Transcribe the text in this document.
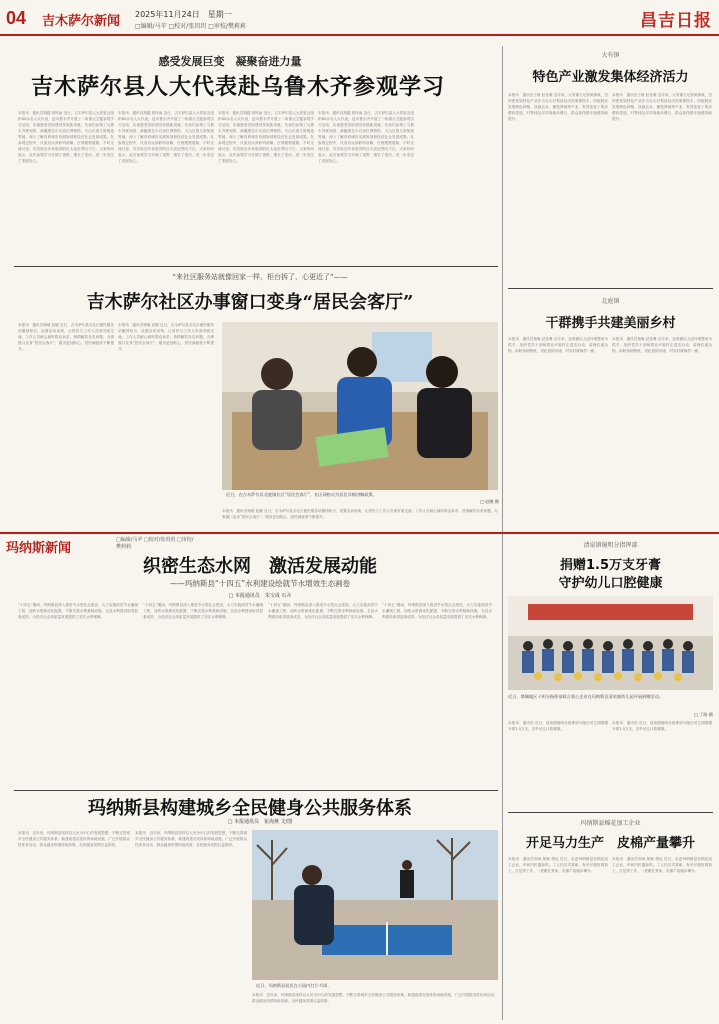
04 吉木萨尔新闻 2025年11月24日　星期一
□编辑/马苹 □校对/张玥玥 □审校/樊莉莉	昌吉日报
感受发展巨变　凝聚奋进力量
吉木萨尔县人大代表赴乌鲁木齐参观学习
本报讯　通讯员胡越 蒋风雨 近日，吉木萨尔县人大常委会组织40余名人大代表，赴乌鲁木齐开展了一场重点主题参观学习活动，实地感受首府建设发展新成就。代表们参观了乌鲁木齐规划馆、新疆维吾尔自治区博物馆、天山区燕儿窝街道等地，深入了解首府城市发展规划和经济社会发展成果。在参观过程中，代表们认真聆听讲解，仔细观察展陈，不时交流讨论，对首府近年来取得的巨大变化赞叹不已。大家纷纷表示，此次参观学习开阔了视野，增长了见识，进一步坚定了发展信心。
本报讯　通讯员胡越 蒋风雨 近日，吉木萨尔县人大常委会组织40余名人大代表，赴乌鲁木齐开展了一场重点主题参观学习活动，实地感受首府建设发展新成就。代表们参观了乌鲁木齐规划馆、新疆维吾尔自治区博物馆、天山区燕儿窝街道等地，深入了解首府城市发展规划和经济社会发展成果。在参观过程中，代表们认真聆听讲解，仔细观察展陈，不时交流讨论，对首府近年来取得的巨大变化赞叹不已。大家纷纷表示，此次参观学习开阔了视野，增长了见识，进一步坚定了发展信心。
本报讯　通讯员胡越 蒋风雨 近日，吉木萨尔县人大常委会组织40余名人大代表，赴乌鲁木齐开展了一场重点主题参观学习活动，实地感受首府建设发展新成就。代表们参观了乌鲁木齐规划馆、新疆维吾尔自治区博物馆、天山区燕儿窝街道等地，深入了解首府城市发展规划和经济社会发展成果。在参观过程中，代表们认真聆听讲解，仔细观察展陈，不时交流讨论，对首府近年来取得的巨大变化赞叹不已。大家纷纷表示，此次参观学习开阔了视野，增长了见识，进一步坚定了发展信心。
本报讯　通讯员胡越 蒋风雨 近日，吉木萨尔县人大常委会组织40余名人大代表，赴乌鲁木齐开展了一场重点主题参观学习活动，实地感受首府建设发展新成就。代表们参观了乌鲁木齐规划馆、新疆维吾尔自治区博物馆、天山区燕儿窝街道等地，深入了解首府城市发展规划和经济社会发展成果。在参观过程中，代表们认真聆听讲解，仔细观察展陈，不时交流讨论，对首府近年来取得的巨大变化赞叹不已。大家纷纷表示，此次参观学习开阔了视野，增长了见识，进一步坚定了发展信心。
大有镇
特色产业激发集体经济活力
本报讯　通讯员王敏 赵佳琳 近年来，大有镇立足资源禀赋，坚持把发展特色产业作为壮大村集体经济的重要抓手，因地制宜发展特色种植、设施农业、畜牧养殖等产业，有效拓宽了集体增收渠道，村集体经济实现稳步增长，群众获得感幸福感持续提升。
本报讯　通讯员王敏 赵佳琳 近年来，大有镇立足资源禀赋，坚持把发展特色产业作为壮大村集体经济的重要抓手，因地制宜发展特色种植、设施农业、畜牧养殖等产业，有效拓宽了集体增收渠道，村集体经济实现稳步增长，群众获得感幸福感持续提升。
“来社区服务站就像回家一样，柜台拆了，心更近了”——
吉木萨尔社区办事窗口变身“居民会客厅”
本报讯　通讯员杨敏 赵娜 近日，吉木萨尔县各社区便民服务站撤掉柜台，设置洽谈桌椅，让居民与工作人员面对面交流。工作人员耐心倾听群众诉求，热情解答各类问题，办事窗口变身“居民会客厅”，服务更加贴心，居民满意度不断提升。
本报讯　通讯员杨敏 赵娜 近日，吉木萨尔县各社区便民服务站撤掉柜台，设置洽谈桌椅，让居民与工作人员面对面交流。工作人员耐心倾听群众诉求，热情解答各类问题，办事窗口变身“居民会客厅”，服务更加贴心，居民满意度不断提升。
近日，在吉木萨尔县北庭镇社区“居民会客厅”，社区网格员为居民详细讲解政策。
□ 赵娜 摄
本报讯　通讯员杨敏 赵娜 近日，吉木萨尔县各社区便民服务站撤掉柜台，设置洽谈桌椅，让居民与工作人员面对面交流。工作人员耐心倾听群众诉求，热情解答各类问题，办事窗口变身“居民会客厅”，服务更加贴心，居民满意度不断提升。
北庭镇
干群携手共建美丽乡村
本报讯　通讯员杨敏 赵佳琳 近年来，北庭镇以人居环境整治为抓手，组织党员干部和群众开展村庄清洁行动，清理垃圾杂物，拆除残垣断壁，美化庭院环境，村容村貌焕然一新。
本报讯　通讯员杨敏 赵佳琳 近年来，北庭镇以人居环境整治为抓手，组织党员干部和群众开展村庄清洁行动，清理垃圾杂物，拆除残垣断壁，美化庭院环境，村容村貌焕然一新。
玛纳斯新闻
□编辑/马苹 □校对/张玥玥 □审校/樊莉莉
织密生态水网　激活发展动能
——玛纳斯县“十四五”水利建设绘就节水增效生态画卷
□ 本报通讯员　朱宝成 石卉
“十四五”期间，玛纳斯县深入推进节水型社会建设，大力实施高效节水灌溉工程，加快水资源优化配置，不断完善水利基础设施，全县水利建设取得显著成效，为经济社会高质量发展提供了坚实水利保障。
“十四五”期间，玛纳斯县深入推进节水型社会建设，大力实施高效节水灌溉工程，加快水资源优化配置，不断完善水利基础设施，全县水利建设取得显著成效，为经济社会高质量发展提供了坚实水利保障。
“十四五”期间，玛纳斯县深入推进节水型社会建设，大力实施高效节水灌溉工程，加快水资源优化配置，不断完善水利基础设施，全县水利建设取得显著成效，为经济社会高质量发展提供了坚实水利保障。
“十四五”期间，玛纳斯县深入推进节水型社会建设，大力实施高效节水灌溉工程，加快水资源优化配置，不断完善水利基础设施，全县水利建设取得显著成效，为经济社会高质量发展提供了坚实水利保障。
清泉镇镜明分指挥部
捐赠1.5万支牙膏
守护幼儿口腔健康
近日，塔城地区十明分指挥部联合爱心企业在玛纳斯县清泉镇幼儿园开展捐赠活动。
□ 丁路 摄
本报讯　通讯员 近日，清泉镇镜明分指挥部为辖区幼儿园捐赠牙膏1.5万支，守护幼儿口腔健康。
本报讯　通讯员 近日，清泉镇镜明分指挥部为辖区幼儿园捐赠牙膏1.5万支，守护幼儿口腔健康。
玛纳斯县构建城乡全民健身公共服务体系
□ 本报通讯员　崔海燕 文/图
本报讯　近年来，玛纳斯县坚持以人民为中心的发展思想，不断完善城乡全民健身公共服务体系，新建改建各类体育场地设施，广泛开展群众性体育活动，群众健身热情持续高涨，全民健身氛围日益浓厚。
本报讯　近年来，玛纳斯县坚持以人民为中心的发展思想，不断完善城乡全民健身公共服务体系，新建改建各类体育场地设施，广泛开展群众性体育活动，群众健身热情持续高涨，全民健身氛围日益浓厚。
近日，玛纳斯县居民在公园内打乒乓球。
本报讯　近年来，玛纳斯县坚持以人民为中心的发展思想，不断完善城乡全民健身公共服务体系，新建改建各类体育场地设施，广泛开展群众性体育活动，群众健身热情持续高涨，全民健身氛围日益浓厚。
玛纳斯县棉花加工企业
开足马力生产　皮棉产量攀升
本报讯　通讯员刘涛 陈雁 胡远 近日，走进玛纳斯县各棉花加工企业，车间内机器轰鸣，工人们各司其职，有序开展籽棉加工、打包等工作，一派繁忙景象，皮棉产量稳步攀升。
本报讯　通讯员刘涛 陈雁 胡远 近日，走进玛纳斯县各棉花加工企业，车间内机器轰鸣，工人们各司其职，有序开展籽棉加工、打包等工作，一派繁忙景象，皮棉产量稳步攀升。
